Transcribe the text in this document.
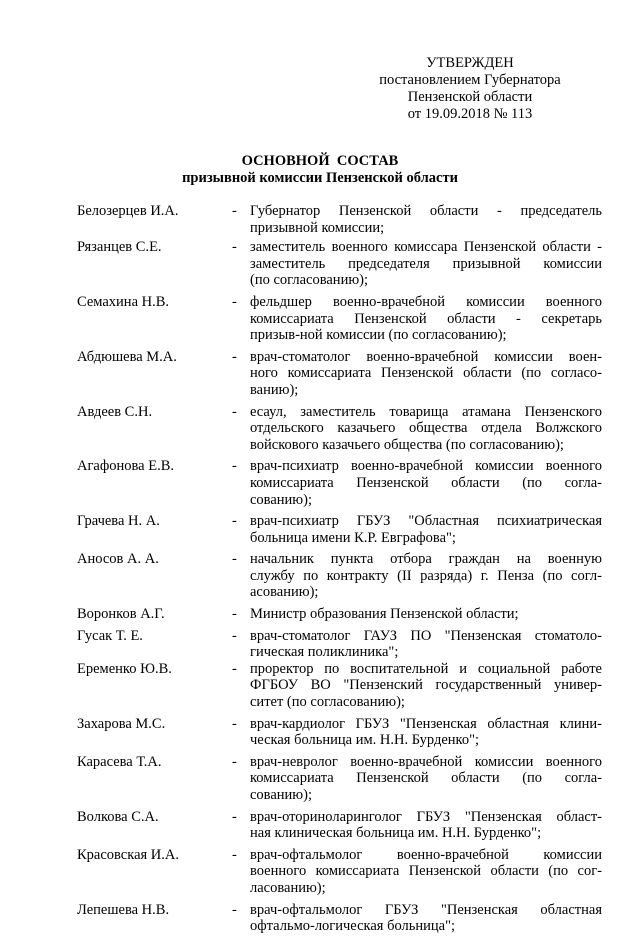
УТВЕРЖДЕН
постановлением Губернатора
Пензенской области
от 19.09.2018 № 113
ОСНОВНОЙ  СОСТАВ
призывной комиссии Пензенской области
Белозерцев И.А.	- Губернатор Пензенской области - председатель
призывной комиссии;
Рязанцев С.Е.	- заместитель военного комиссара Пензенской области -
заместитель председателя призывной комиссии
(по согласованию);
Семахина Н.В.	- фельдшер военно-врачебной комиссии военного
комиссариата Пензенской области - секретарь
призыв-ной комиссии (по согласованию);
Абдюшева М.А.	- врач-стоматолог военно-врачебной комиссии воен-
ного комиссариата Пензенской области (по согласо-
ванию);
Авдеев С.Н.	- есаул, заместитель товарища атамана Пензенского
отдельского казачьего общества отдела Волжского
войскового казачьего общества (по согласованию);
Агафонова Е.В.	- врач-психиатр военно-врачебной комиссии военного
комиссариата Пензенской области (по согла-
сованию);
Грачева Н. А.	- врач-психиатр ГБУЗ "Областная психиатрическая
больница имени К.Р. Евграфова";
Аносов А. А.	- начальник пункта отбора граждан на военную
службу по контракту (II разряда) г. Пенза (по согл-
асованию);
Воронков А.Г.	- Министр образования Пензенской области;
Гусак Т. Е.	- врач-стоматолог ГАУЗ ПО "Пензенская стоматоло-
гическая поликлиника";
Еременко Ю.В.	- проректор по воспитательной и социальной работе
ФГБОУ ВО "Пензенский государственный универ-
ситет (по согласованию);
Захарова М.С.	- врач-кардиолог ГБУЗ "Пензенская областная клини-
ческая больница им. Н.Н. Бурденко";
Карасева Т.А.	- врач-невролог военно-врачебной комиссии военного
комиссариата Пензенской области (по согла-
сованию);
Волкова С.А.	- врач-оториноларинголог ГБУЗ "Пензенская област-
ная клиническая больница им. Н.Н. Бурденко";
Красовская И.А.	- врач-офтальмолог военно-врачебной комиссии
военного комиссариата Пензенской области (по сог-
ласованию);
Лепешева Н.В.	- врач-офтальмолог ГБУЗ "Пензенская областная
офтальмо-логическая больница";
